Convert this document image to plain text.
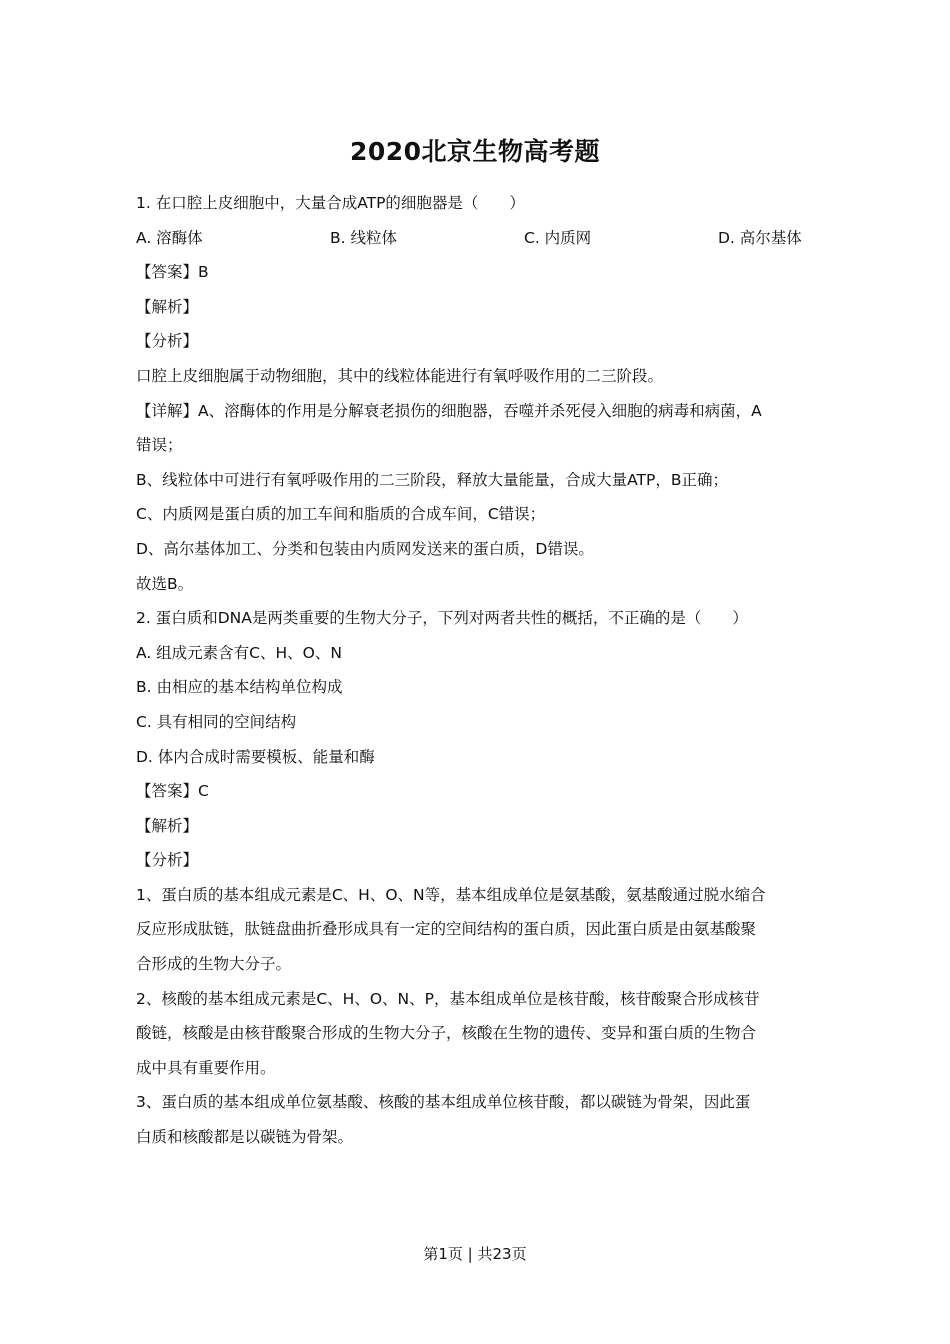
2020北京生物高考题
1. 在口腔上皮细胞中，大量合成ATP的细胞器是（　　）
A. 溶酶体	B. 线粒体	C. 内质网	D. 高尔基体
【答案】B
【解析】
【分析】
口腔上皮细胞属于动物细胞，其中的线粒体能进行有氧呼吸作用的二三阶段。
【详解】A、溶酶体的作用是分解衰老损伤的细胞器，吞噬并杀死侵入细胞的病毒和病菌，A
错误；
B、线粒体中可进行有氧呼吸作用的二三阶段，释放大量能量，合成大量ATP，B正确；
C、内质网是蛋白质的加工车间和脂质的合成车间，C错误；
D、高尔基体加工、分类和包装由内质网发送来的蛋白质，D错误。
故选B。
2. 蛋白质和DNA是两类重要的生物大分子，下列对两者共性的概括，不正确的是（　　）
A. 组成元素含有C、H、O、N
B. 由相应的基本结构单位构成
C. 具有相同的空间结构
D. 体内合成时需要模板、能量和酶
【答案】C
【解析】
【分析】
1、蛋白质的基本组成元素是C、H、O、N等，基本组成单位是氨基酸，氨基酸通过脱水缩合
反应形成肽链，肽链盘曲折叠形成具有一定的空间结构的蛋白质，因此蛋白质是由氨基酸聚
合形成的生物大分子。
2、核酸的基本组成元素是C、H、O、N、P，基本组成单位是核苷酸，核苷酸聚合形成核苷
酸链，核酸是由核苷酸聚合形成的生物大分子，核酸在生物的遗传、变异和蛋白质的生物合
成中具有重要作用。
3、蛋白质的基本组成单位氨基酸、核酸的基本组成单位核苷酸，都以碳链为骨架，因此蛋
白质和核酸都是以碳链为骨架。
第1页 | 共23页
